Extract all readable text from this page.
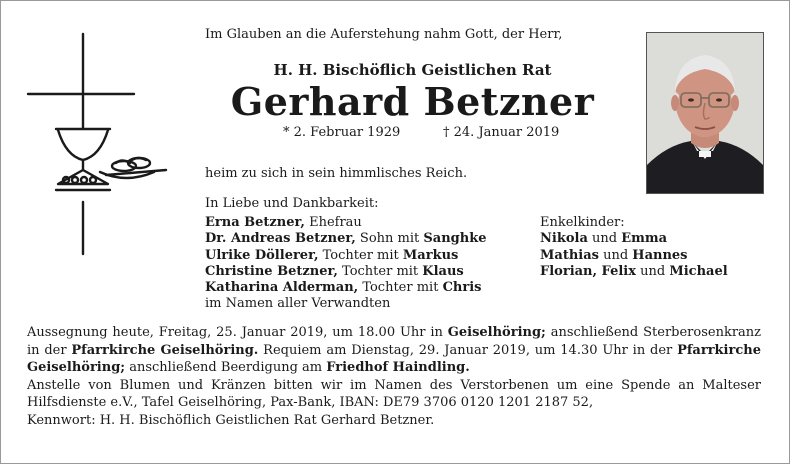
Im Glauben an die Auferstehung nahm Gott, der Herr,
H. H. Bischöflich Geistlichen Rat
Gerhard Betzner
* 2. Februar 1929	† 24. Januar 2019
heim zu sich in sein himmlisches Reich.
In Liebe und Dankbarkeit:
Erna Betzner, Ehefrau
Dr. Andreas Betzner, Sohn mit Sanghke
Ulrike Döllerer, Tochter mit Markus
Christine Betzner, Tochter mit Klaus
Katharina Alderman, Tochter mit Chris
im Namen aller Verwandten
Enkelkinder:
Nikola und Emma
Mathias und Hannes
Florian, Felix und Michael

Aussegnung heute, Freitag, 25. Januar 2019, um 18.00 Uhr in Geiselhöring; anschließend Sterberosenkranz in der Pfarrkirche Geiselhöring. Requiem am Dienstag, 29. Januar 2019, um 14.30 Uhr in der Pfarrkirche Geiselhöring; anschließend Beerdigung am Friedhof Haindling.

Anstelle von Blumen und Kränzen bitten wir im Namen des Verstorbenen um eine Spende an Malteser Hilfsdienste e.V., Tafel Geiselhöring, Pax-Bank, IBAN: DE79 3706 0120 1201 2187 52,

Kennwort: H. H. Bischöflich Geistlichen Rat Gerhard Betzner.
